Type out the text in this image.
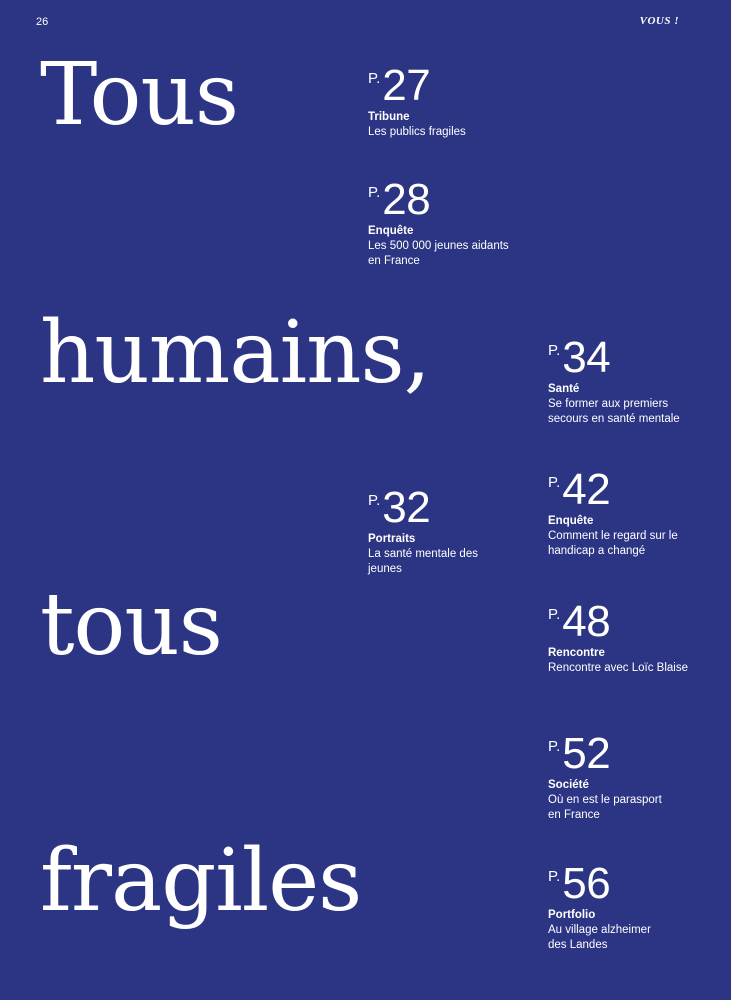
26	VOUS !
Tous
humains,
tous
fragiles
P. 27
Tribune
Les publics fragiles
P. 28
Enquête
Les 500 000 jeunes aidants
en France
P. 34
Santé
Se former aux premiers
secours en santé mentale
P. 32
Portraits
La santé mentale des
jeunes
P. 42
Enquête
Comment le regard sur le
handicap a changé
P. 48
Rencontre
Rencontre avec Loïc Blaise
P. 52
Société
Où en est le parasport
en France
P. 56
Portfolio
Au village alzheimer
des Landes
